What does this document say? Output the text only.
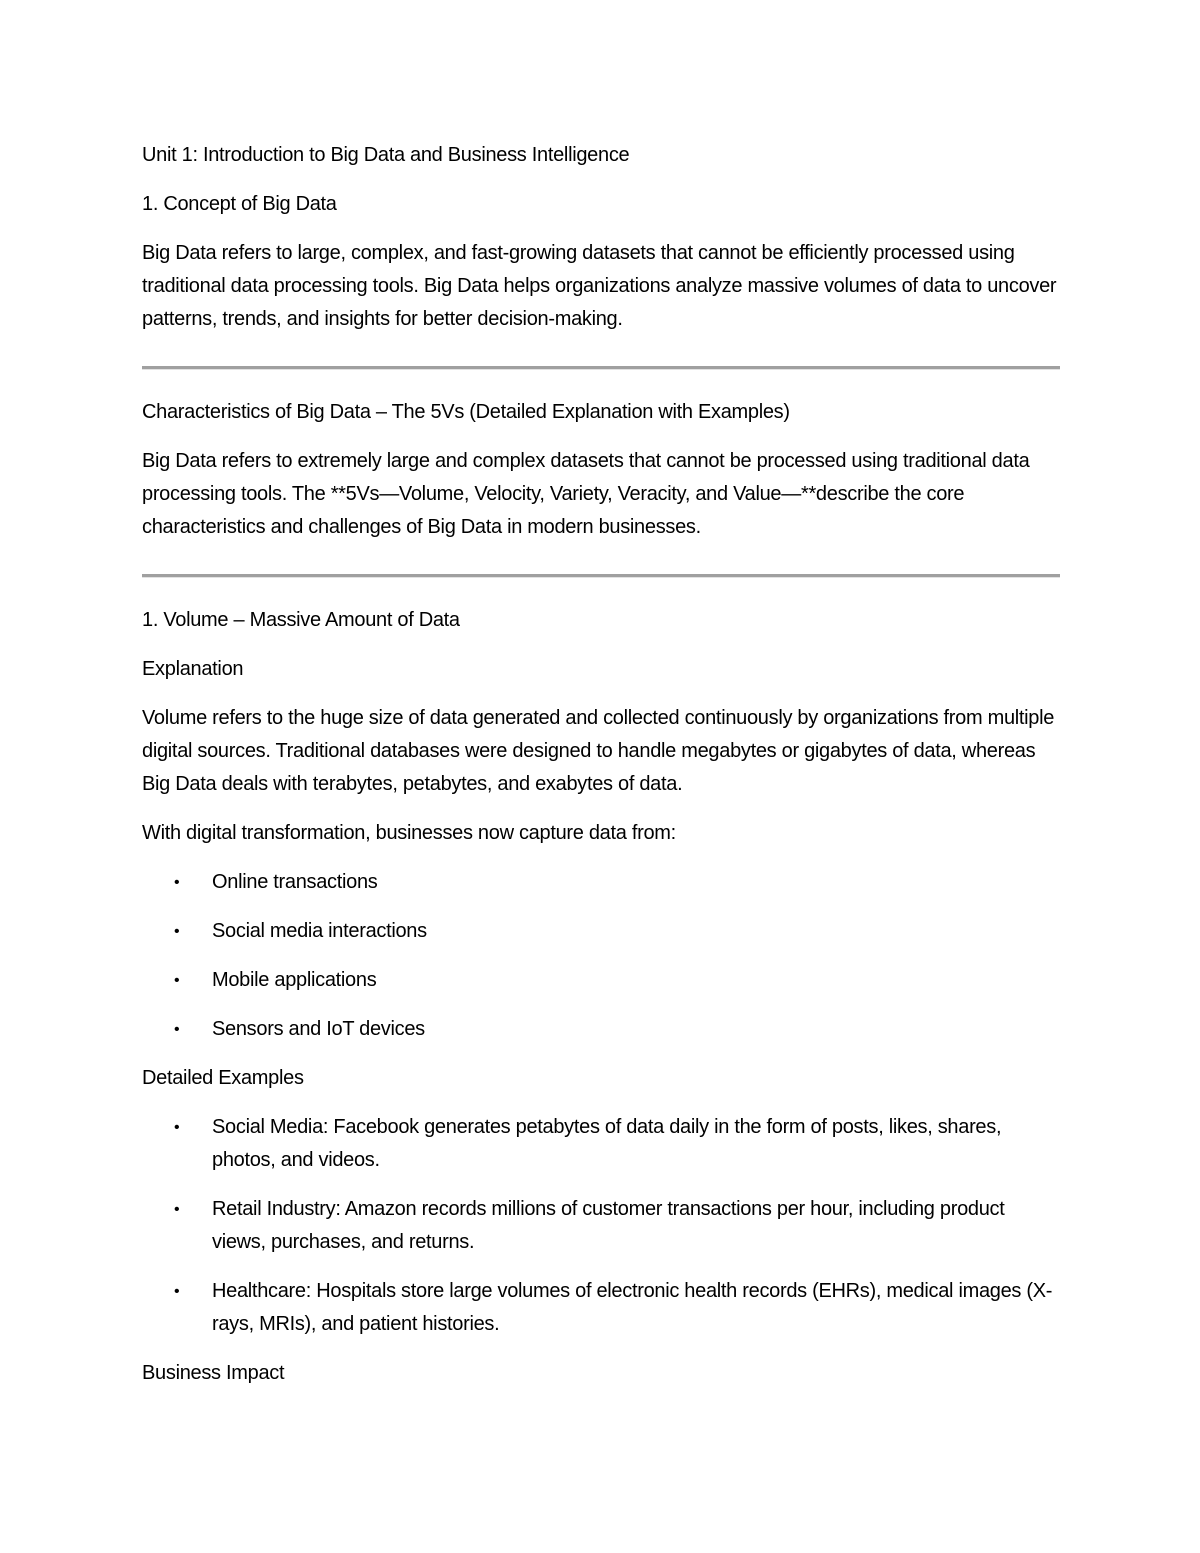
Unit 1: Introduction to Big Data and Business Intelligence

1. Concept of Big Data

Big Data refers to large, complex, and fast-growing datasets that cannot be efficiently processed using traditional data processing tools. Big Data helps organizations analyze massive volumes of data to uncover patterns, trends, and insights for better decision-making.

Characteristics of Big Data – The 5Vs (Detailed Explanation with Examples)

Big Data refers to extremely large and complex datasets that cannot be processed using traditional data processing tools. The **5Vs—Volume, Velocity, Variety, Veracity, and Value—**describe the core characteristics and challenges of Big Data in modern businesses.

1. Volume – Massive Amount of Data

Explanation

Volume refers to the huge size of data generated and collected continuously by organizations from multiple digital sources. Traditional databases were designed to handle megabytes or gigabytes of data, whereas Big Data deals with terabytes, petabytes, and exabytes of data.

With digital transformation, businesses now capture data from:

• Online transactions
• Social media interactions
• Mobile applications
• Sensors and IoT devices

Detailed Examples

• Social Media: Facebook generates petabytes of data daily in the form of posts, likes, shares, photos, and videos.
• Retail Industry: Amazon records millions of customer transactions per hour, including product views, purchases, and returns.
• Healthcare: Hospitals store large volumes of electronic health records (EHRs), medical images (X-rays, MRIs), and patient histories.

Business Impact
